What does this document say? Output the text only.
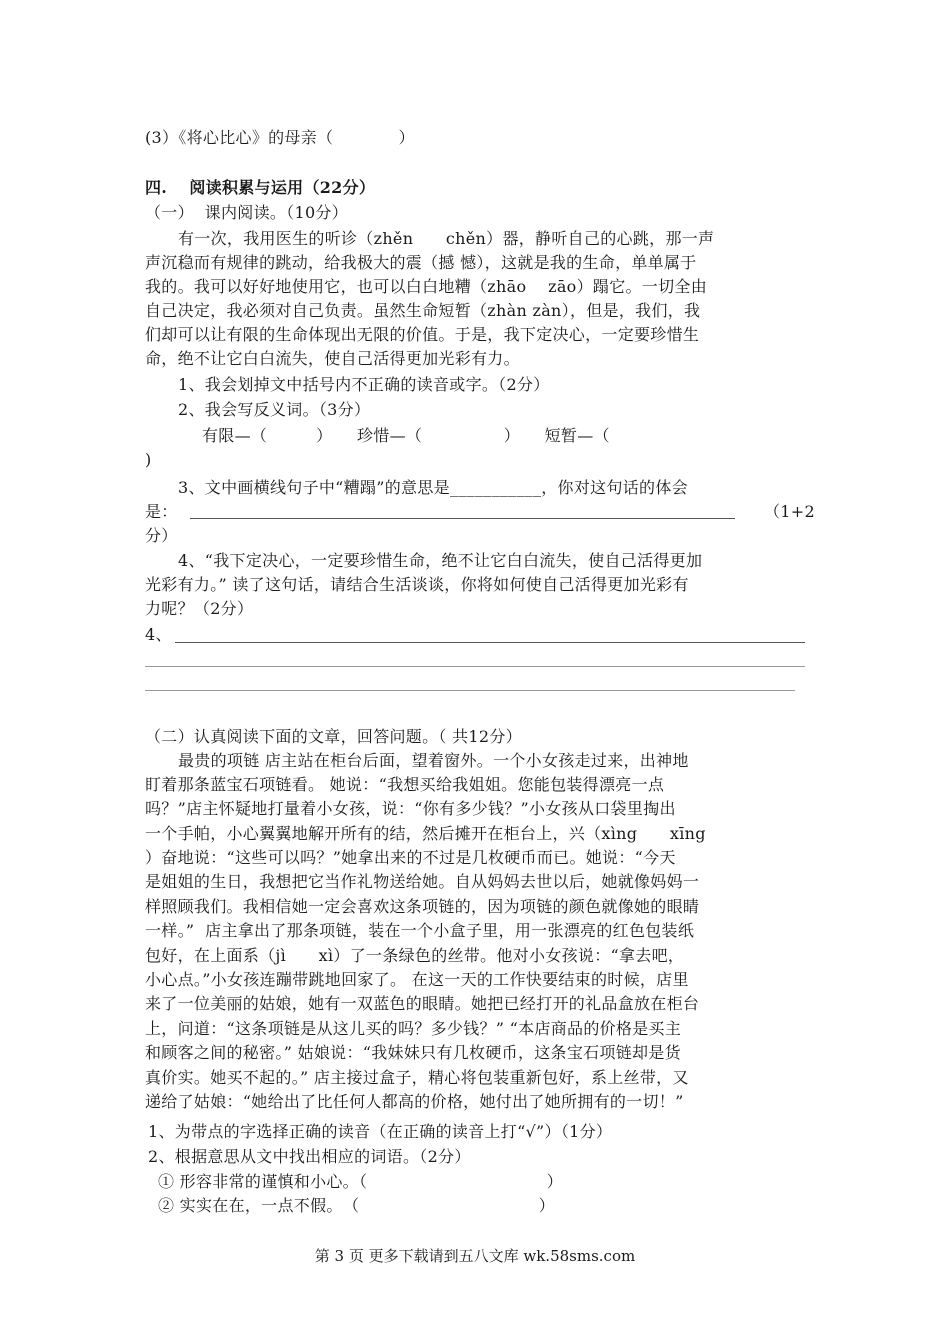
(3）《将心比心》的母亲（　　　　）
四.　 阅读积累与运用（22分）
（一）  课内阅读。（10分）
有一次，我用医生的听诊（zhěn　　chěn）器，静听自己的心跳，那一声
声沉稳而有规律的跳动，给我极大的震（撼 憾），这就是我的生命，单单属于
我的。我可以好好地使用它，也可以白白地糟（zhāo　 zāo）蹋它。一切全由
自己决定，我必须对自己负责。虽然生命短暂（zhàn zàn），但是，我们，我
们却可以让有限的生命体现出无限的价值。于是，我下定决心，一定要珍惜生
命，绝不让它白白流失，使自己活得更加光彩有力。
1、我会划掉文中括号内不正确的读音或字。（2分）
2、我会写反义词。（3分）
有限—（　　　）　　珍惜—（　　　　　）　　短暂—（
)
3、文中画横线句子中“糟蹋”的意思是___________，你对这句话的体会
是：	（1+2
分）
4、“我下定决心，一定要珍惜生命，绝不让它白白流失，使自己活得更加
光彩有力。” 读了这句话，请结合生活谈谈，你将如何使自己活得更加光彩有
力呢？（2分）
4、
（二）认真阅读下面的文章，回答问题。（ 共12分）
最贵的项链 店主站在柜台后面，望着窗外。一个小女孩走过来，出神地
盯着那条蓝宝石项链看。 她说：“我想买给我姐姐。您能包装得漂亮一点
吗？”店主怀疑地打量着小女孩，说：“你有多少钱？”小女孩从口袋里掏出
一个手帕，小心翼翼地解开所有的结，然后摊开在柜台上，兴（xìng　　xīng
）奋地说：“这些可以吗？”她拿出来的不过是几枚硬币而已。她说：“今天
是姐姐的生日，我想把它当作礼物送给她。自从妈妈去世以后，她就像妈妈一
样照顾我们。我相信她一定会喜欢这条项链的，因为项链的颜色就像她的眼睛
一样。”  店主拿出了那条项链，装在一个小盒子里，用一张漂亮的红色包装纸
包好，在上面系（jì　　xì）了一条绿色的丝带。他对小女孩说：“拿去吧，
小心点。”小女孩连蹦带跳地回家了。 在这一天的工作快要结束的时候，店里
来了一位美丽的姑娘，她有一双蓝色的眼睛。她把已经打开的礼品盒放在柜台
上，问道：“这条项链是从这儿买的吗？多少钱？” “本店商品的价格是买主
和顾客之间的秘密。” 姑娘说：“我妹妹只有几枚硬币，这条宝石项链却是货
真价实。她买不起的。” 店主接过盒子，精心将包装重新包好，系上丝带，又
递给了姑娘：“她给出了比任何人都高的价格，她付出了她所拥有的一切！”
1、为带点的字选择正确的读音（在正确的读音上打“√”）（1分）
2、根据意思从文中找出相应的词语。（2分）
① 形容非常的谨慎和小心。（　　　　　　　　　　　）
② 实实在在，一点不假。　（　　　　　　　　　　　）
第 3 页 更多下载请到五八文库 wk.58sms.com
